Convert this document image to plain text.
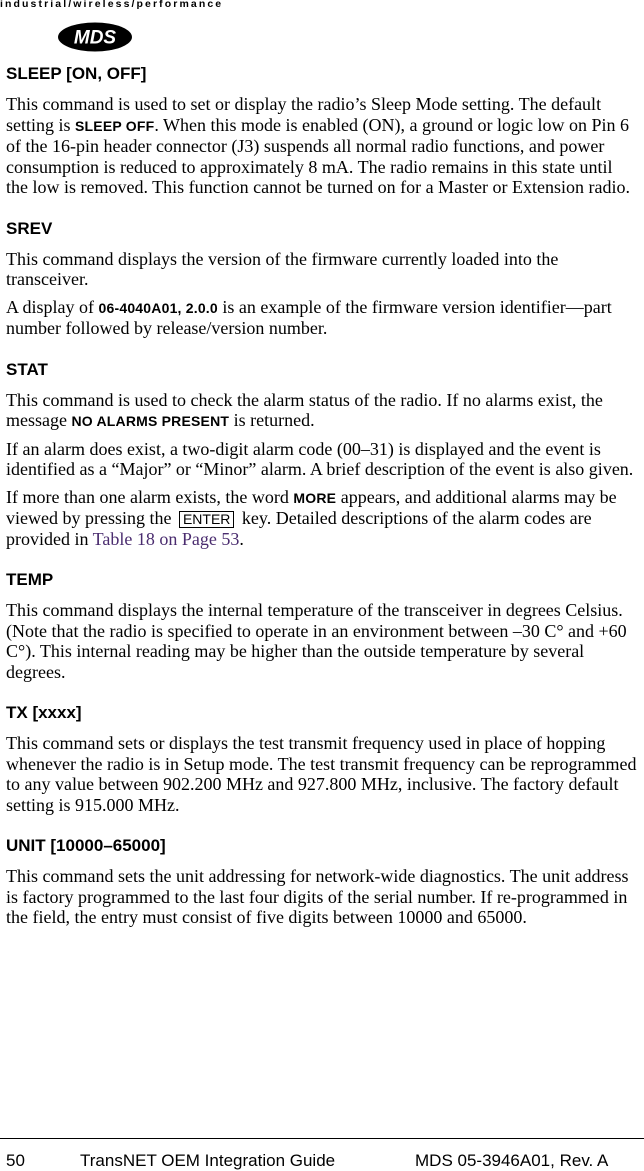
industrial/wireless/performance
MDS
SLEEP [ON, OFF]

This command is used to set or display the radio’s Sleep Mode setting. The default setting is SLEEP OFF. When this mode is enabled (ON), a ground or logic low on Pin 6 of the 16-pin header connector (J3) suspends all normal radio functions, and power consumption is reduced to approximately 8 mA. The radio remains in this state until the low is removed. This function cannot be turned on for a Master or Extension radio.

SREV

This command displays the version of the firmware currently loaded into the transceiver.

A display of 06-4040A01, 2.0.0 is an example of the firmware version identifier—part number followed by release/version number.

STAT

This command is used to check the alarm status of the radio. If no alarms exist, the message NO ALARMS PRESENT is returned.

If an alarm does exist, a two-digit alarm code (00–31) is displayed and the event is identified as a “Major” or “Minor” alarm. A brief description of the event is also given.

If more than one alarm exists, the word MORE appears, and additional alarms may be viewed by pressing the ENTER key. Detailed descriptions of the alarm codes are provided in Table 18 on Page 53.

TEMP

This command displays the internal temperature of the transceiver in degrees Celsius. (Note that the radio is specified to operate in an environment between –30 C° and +60 C°). This internal reading may be higher than the outside temperature by several degrees.

TX [xxxx]

This command sets or displays the test transmit frequency used in place of hopping whenever the radio is in Setup mode. The test transmit frequency can be reprogrammed to any value between 902.200 MHz and 927.800 MHz, inclusive. The factory default setting is 915.000 MHz.

UNIT [10000–65000]

This command sets the unit addressing for network-wide diagnostics. The unit address is factory programmed to the last four digits of the serial number. If re-programmed in the field, the entry must consist of five digits between 10000 and 65000.

50	TransNET OEM Integration Guide	MDS 05-3946A01, Rev. A
